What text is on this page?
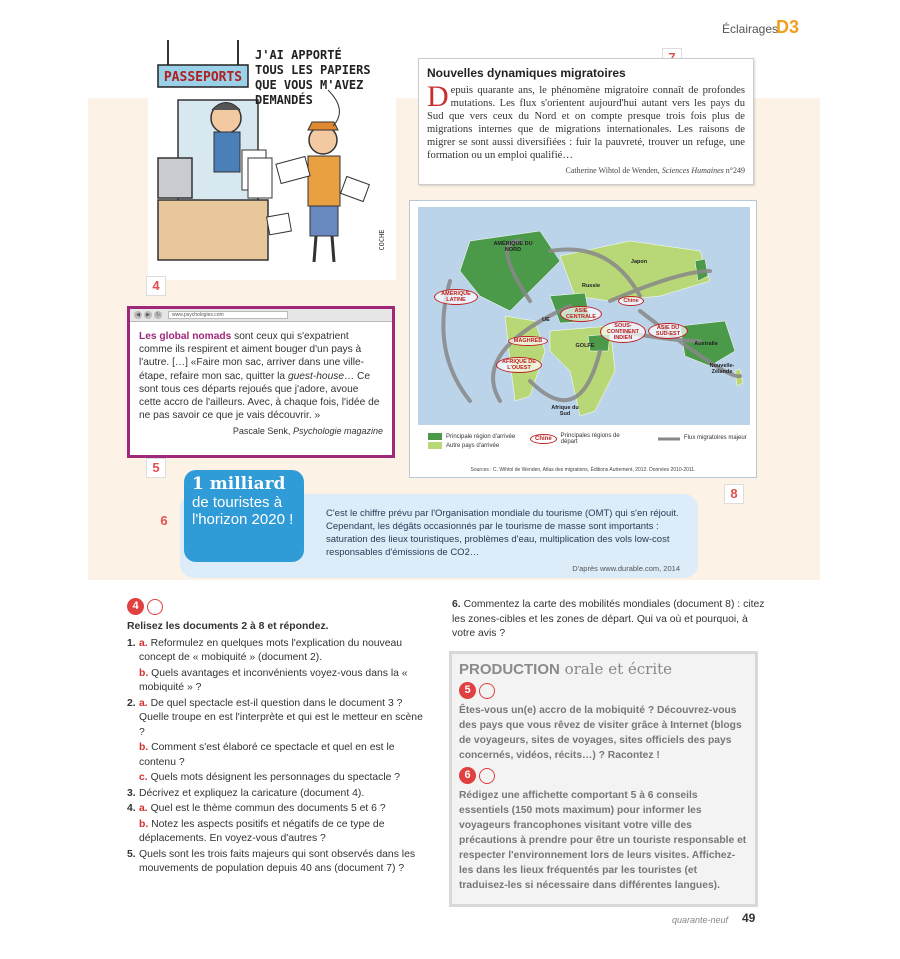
Éclairages
D3
PASSEPORTS
COCHE
J'AI APPORTÉ TOUS LES PAPIERS QUE VOUS M'AVEZ DEMANDÉS
4
Nouvelles dynamiques migratoires

Depuis quarante ans, le phénomène migratoire connaît de profondes mutations. Les flux s'orientent aujourd'hui autant vers les pays du Sud que vers ceux du Nord et on compte presque trois fois plus de migrations internes que de migrations internationales. Les raisons de migrer se sont aussi diversifiées : fuir la pauvreté, trouver un refuge, une formation ou un emploi qualifié…

Catherine Wihtol de Wenden, Sciences Humaines n°249
AMÉRIQUE DU NORD
Japon
Russie
UE
GOLFE	Australie
Nouvelle-Zélande
Afrique du Sud
AMÉRIQUE LATINE	Chine
ASIE CENTRALE
MAGHREB
SOUS-CONTINENT INDIEN
ASIE DU SUD-EST
AFRIQUE DE L'OUEST
Principale région d'arrivée
Autre pays d'arrivée
Chine	Principales régions de départ
Flux migratoires majeur
Sources : C. Wihtol de Wenden, Atlas des migrations, Éditions Autrement, 2012. Données 2010-2011.
8
◀	▶	↻	www.psychologies.com
Les global nomads sont ceux qui s'expatrient comme ils respirent et aiment bouger d'un pays à l'autre. […] «Faire mon sac, arriver dans une ville-étape, refaire mon sac, quitter la guest-house… Ce sont tous ces départs rejoués que j'adore, avoue cette accro de l'ailleurs. Avec, à chaque fois, l'idée de ne pas savoir ce que je vais découvrir. »
Pascale Senk, Psychologie magazine
5
6
1 milliard
de touristes à l'horizon 2020 !	C'est le chiffre prévu par l'Organisation mondiale du tourisme (OMT) qui s'en réjouit. Cependant, les dégâts occasionnés par le tourisme de masse sont importants : saturation des lieux touristiques, problèmes d'eau, multiplication des vols low-cost responsables d'émissions de CO2…
D'après www.durable.com, 2014
4
Relisez les documents 2 à 8 et répondez.
1. a. Reformulez en quelques mots l'explication du nouveau concept de « mobiquité » (document 2).
b. Quels avantages et inconvénients voyez-vous dans la « mobiquité » ?
2. a. De quel spectacle est-il question dans le document 3 ? Quelle troupe en est l'interprète et qui est le metteur en scène ?
b. Comment s'est élaboré ce spectacle et quel en est le contenu ?
c. Quels mots désignent les personnages du spectacle ?
3. Décrivez et expliquez la caricature (document 4).
4. a. Quel est le thème commun des documents 5 et 6 ?
b. Notez les aspects positifs et négatifs de ce type de déplacements. En voyez-vous d'autres ?
5. Quels sont les trois faits majeurs qui sont observés dans les mouvements de population depuis 40 ans (document 7) ?
6. Commentez la carte des mobilités mondiales (document 8) : citez les zones-cibles et les zones de départ. Qui va où et pourquoi, à votre avis ?
PRODUCTION orale et écrite
5
Êtes-vous un(e) accro de la mobiquité ? Découvrez-vous des pays que vous rêvez de visiter grâce à Internet (blogs de voyageurs, sites de voyages, sites officiels des pays concernés, vidéos, récits…) ? Racontez !
6
Rédigez une affichette comportant 5 à 6 conseils essentiels (150 mots maximum) pour informer les voyageurs francophones visitant votre ville des précautions à prendre pour être un touriste responsable et respecter l'environnement lors de leurs visites. Affichez-les dans les lieux fréquentés par les touristes (et traduisez-les si nécessaire dans différentes langues).
quarante-neuf 49
